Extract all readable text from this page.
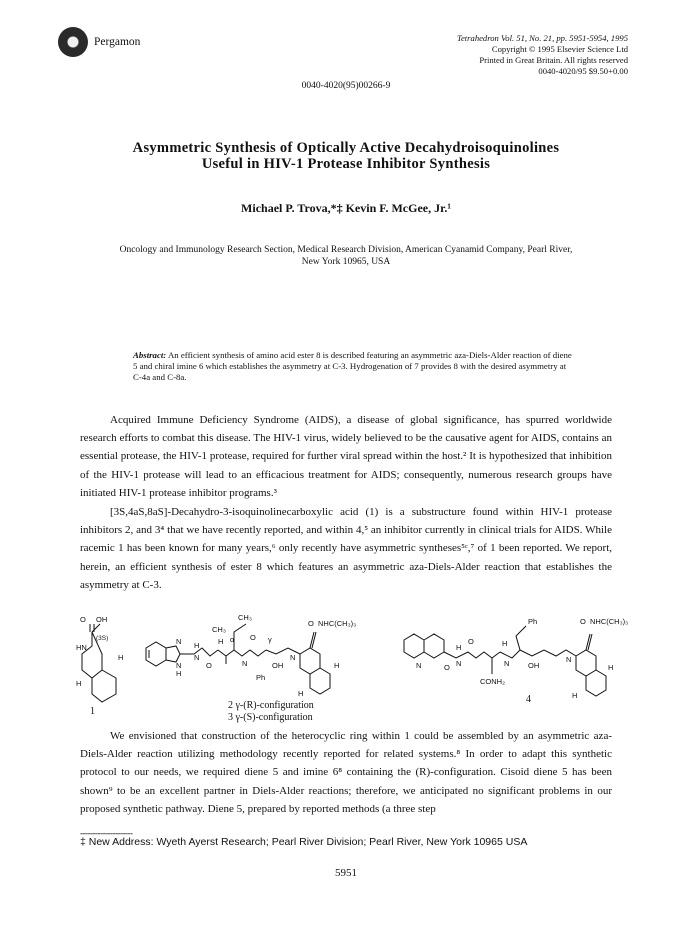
Pergamon	Tetrahedron Vol. 51, No. 21, pp. 5951-5954, 1995
Copyright © 1995 Elsevier Science Ltd
Printed in Great Britain. All rights reserved
0040-4020/95 $9.50+0.00
0040-4020(95)00266-9
Asymmetric Synthesis of Optically Active Decahydroisoquinolines
Useful in HIV-1 Protease Inhibitor Synthesis
Michael P. Trova,*‡ Kevin F. McGee, Jr.¹
Oncology and Immunology Research Section, Medical Research Division, American Cyanamid Company, Pearl River, New York 10965, USA
Abstract: An efficient synthesis of amino acid ester 8 is described featuring an asymmetric aza-Diels-Alder reaction of diene 5 and chiral imine 6 which establishes the asymmetry at C-3. Hydrogenation of 7 provides 8 with the desired asymmetry at C-4a and C-8a.

Acquired Immune Deficiency Syndrome (AIDS), a disease of global significance, has spurred worldwide research efforts to combat this disease. The HIV-1 virus, widely believed to be the causative agent for AIDS, contains an essential protease, the HIV-1 protease, required for further viral spread within the host.² It is hypothesized that inhibition of the HIV-1 protease will lead to an efficacious treatment for AIDS; consequently, numerous research groups have initiated HIV-1 protease inhibitor programs.³

[3S,4aS,8aS]-Decahydro-3-isoquinolinecarboxylic acid (1) is a substructure found within HIV-1 protease inhibitors 2, and 3⁴ that we have recently reported, and within 4,⁵ an inhibitor currently in clinical trials for AIDS. While racemic 1 has been known for many years,⁶ only recently have asymmetric syntheses⁵ᶜ,⁷ of 1 been reported. We report, herein, an efficient synthesis of ester 8 which features an asymmetric aza-Diels-Alder reaction that establishes the asymmetry at C-3.

O OH
(3S)
HN
H
H
1
CH₃
CH₃
N
N
H
H
N
O
α
H
N
O γ
OH
Ph
O NHC(CH₃)₃
N
H
H
2 γ-(R)-configuration
3 γ-(S)-configuration
N
H
N
O
O
H
N OH
CONH₂
Ph	O NHC(CH₃)₃
N
H
H
4

We envisioned that construction of the heterocyclic ring within 1 could be assembled by an asymmetric aza-Diels-Alder reaction utilizing methodology recently reported for related systems.⁸ In order to adapt this synthetic protocol to our needs, we required diene 5 and imine 6⁸ containing the (R)-configuration. Cisoid diene 5 has been shown⁹ to be an excellent partner in Diels-Alder reactions; therefore, we anticipated no significant problems in our proposed synthetic pathway. Diene 5, prepared by reported methods (a three step

---------------------
‡ New Address: Wyeth Ayerst Research; Pearl River Division; Pearl River, New York 10965 USA
5951
